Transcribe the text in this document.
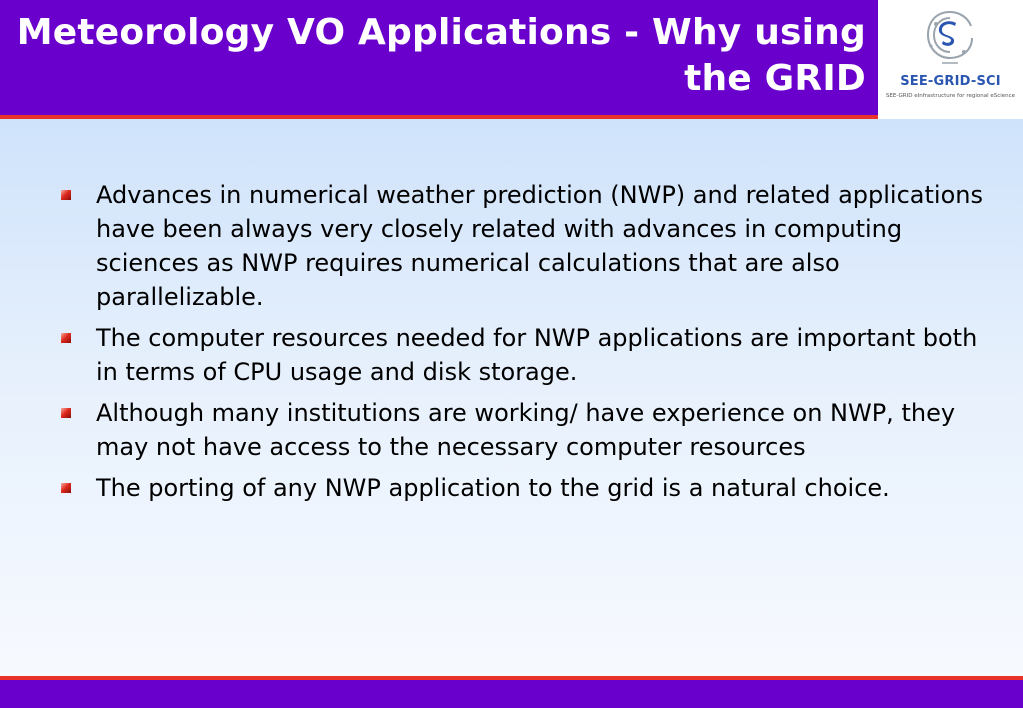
Meteorology VO Applications - Why using the GRID	SEE-GRID-SCI
SEE-GRID eInfrastructure for regional eScience
Advances in numerical weather prediction (NWP) and related applications have been always very closely related with advances in computing sciences as NWP requires numerical calculations that are also parallelizable.
The computer resources needed for NWP applications are important both in terms of CPU usage and disk storage.
Although many institutions are working/ have experience on NWP, they may not have access to the necessary computer resources
The porting of any NWP application to the grid is a natural choice.
